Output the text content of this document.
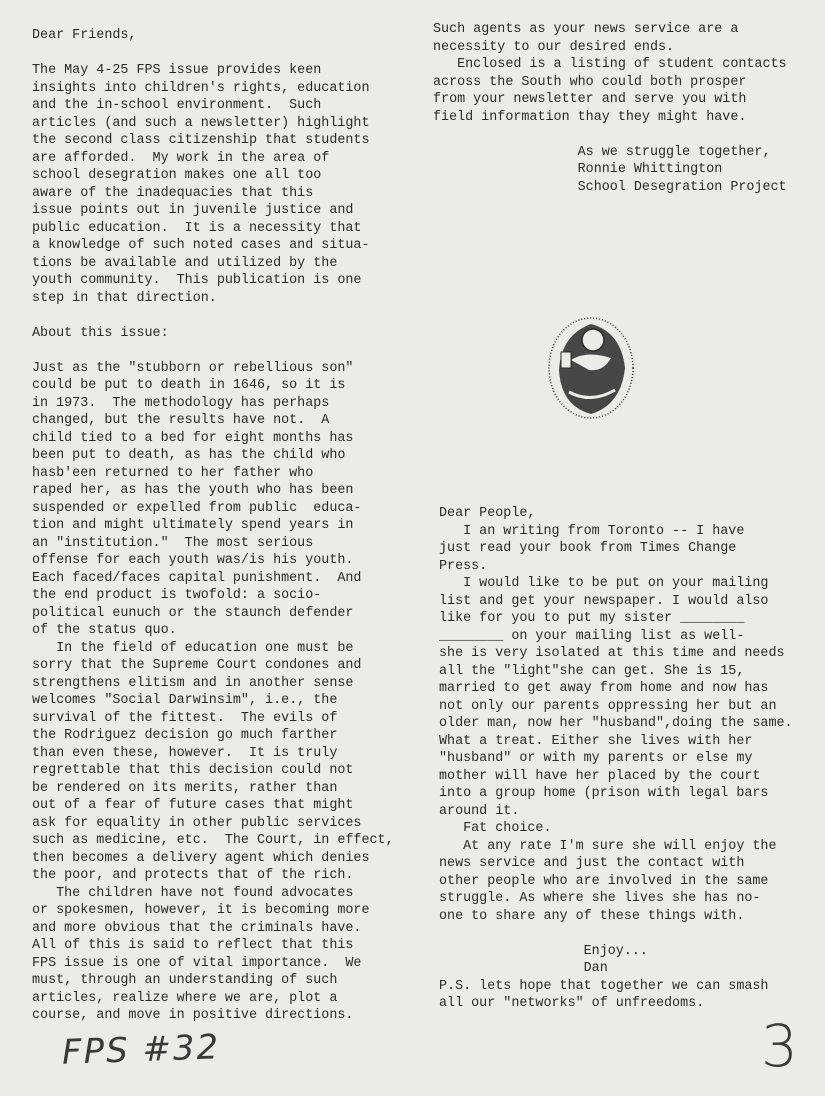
Dear Friends,
The May 4-25 FPS issue provides keen
insights into children's rights, education
and the in-school environment.  Such
articles (and such a newsletter) highlight
the second class citizenship that students
are afforded.  My work in the area of
school desegration makes one all too
aware of the inadequacies that this
issue points out in juvenile justice and
public education.  It is a necessity that
a knowledge of such noted cases and situa-
tions be available and utilized by the
youth community.  This publication is one
step in that direction.
About this issue:
Just as the "stubborn or rebellious son"
could be put to death in 1646, so it is
in 1973.  The methodology has perhaps
changed, but the results have not.  A
child tied to a bed for eight months has
been put to death, as has the child who
hasb'een returned to her father who
raped her, as has the youth who has been
suspended or expelled from public  educa-
tion and might ultimately spend years in
an "institution."  The most serious
offense for each youth was/is his youth.
Each faced/faces capital punishment.  And
the end product is twofold: a socio-
political eunuch or the staunch defender
of the status quo.
In the field of education one must be
sorry that the Supreme Court condones and
strengthens elitism and in another sense
welcomes "Social Darwinsim", i.e., the
survival of the fittest.  The evils of
the Rodriguez decision go much farther
than even these, however.  It is truly
regrettable that this decision could not
be rendered on its merits, rather than
out of a fear of future cases that might
ask for equality in other public services
such as medicine, etc.  The Court, in effect,
then becomes a delivery agent which denies
the poor, and protects that of the rich.
The children have not found advocates
or spokesmen, however, it is becoming more
and more obvious that the criminals have.
All of this is said to reflect that this
FPS issue is one of vital importance.  We
must, through an understanding of such
articles, realize where we are, plot a
course, and move in positive directions.
Such agents as your news service are a
necessity to our desired ends.
Enclosed is a listing of student contacts
across the South who could both prosper
from your newsletter and serve you with
field information thay they might have.
As we struggle together,
Ronnie Whittington
School Desegration Project
Dear People,
I an writing from Toronto -- I have
just read your book from Times Change
Press.
I would like to be put on your mailing
list and get your newspaper. I would also
like for you to put my sister ________
________ on your mailing list as well-
she is very isolated at this time and needs
all the "light"she can get. She is 15,
married to get away from home and now has
not only our parents oppressing her but an
older man, now her "husband",doing the same.
What a treat. Either she lives with her
"husband" or with my parents or else my
mother will have her placed by the court
into a group home (prison with legal bars
around it.
Fat choice.
At any rate I'm sure she will enjoy the
news service and just the contact with
other people who are involved in the same
struggle. As where she lives she has no-
one to share any of these things with.
Enjoy...
Dan
P.S. lets hope that together we can smash
all our "networks" of unfreedoms.
FPS #32	3
